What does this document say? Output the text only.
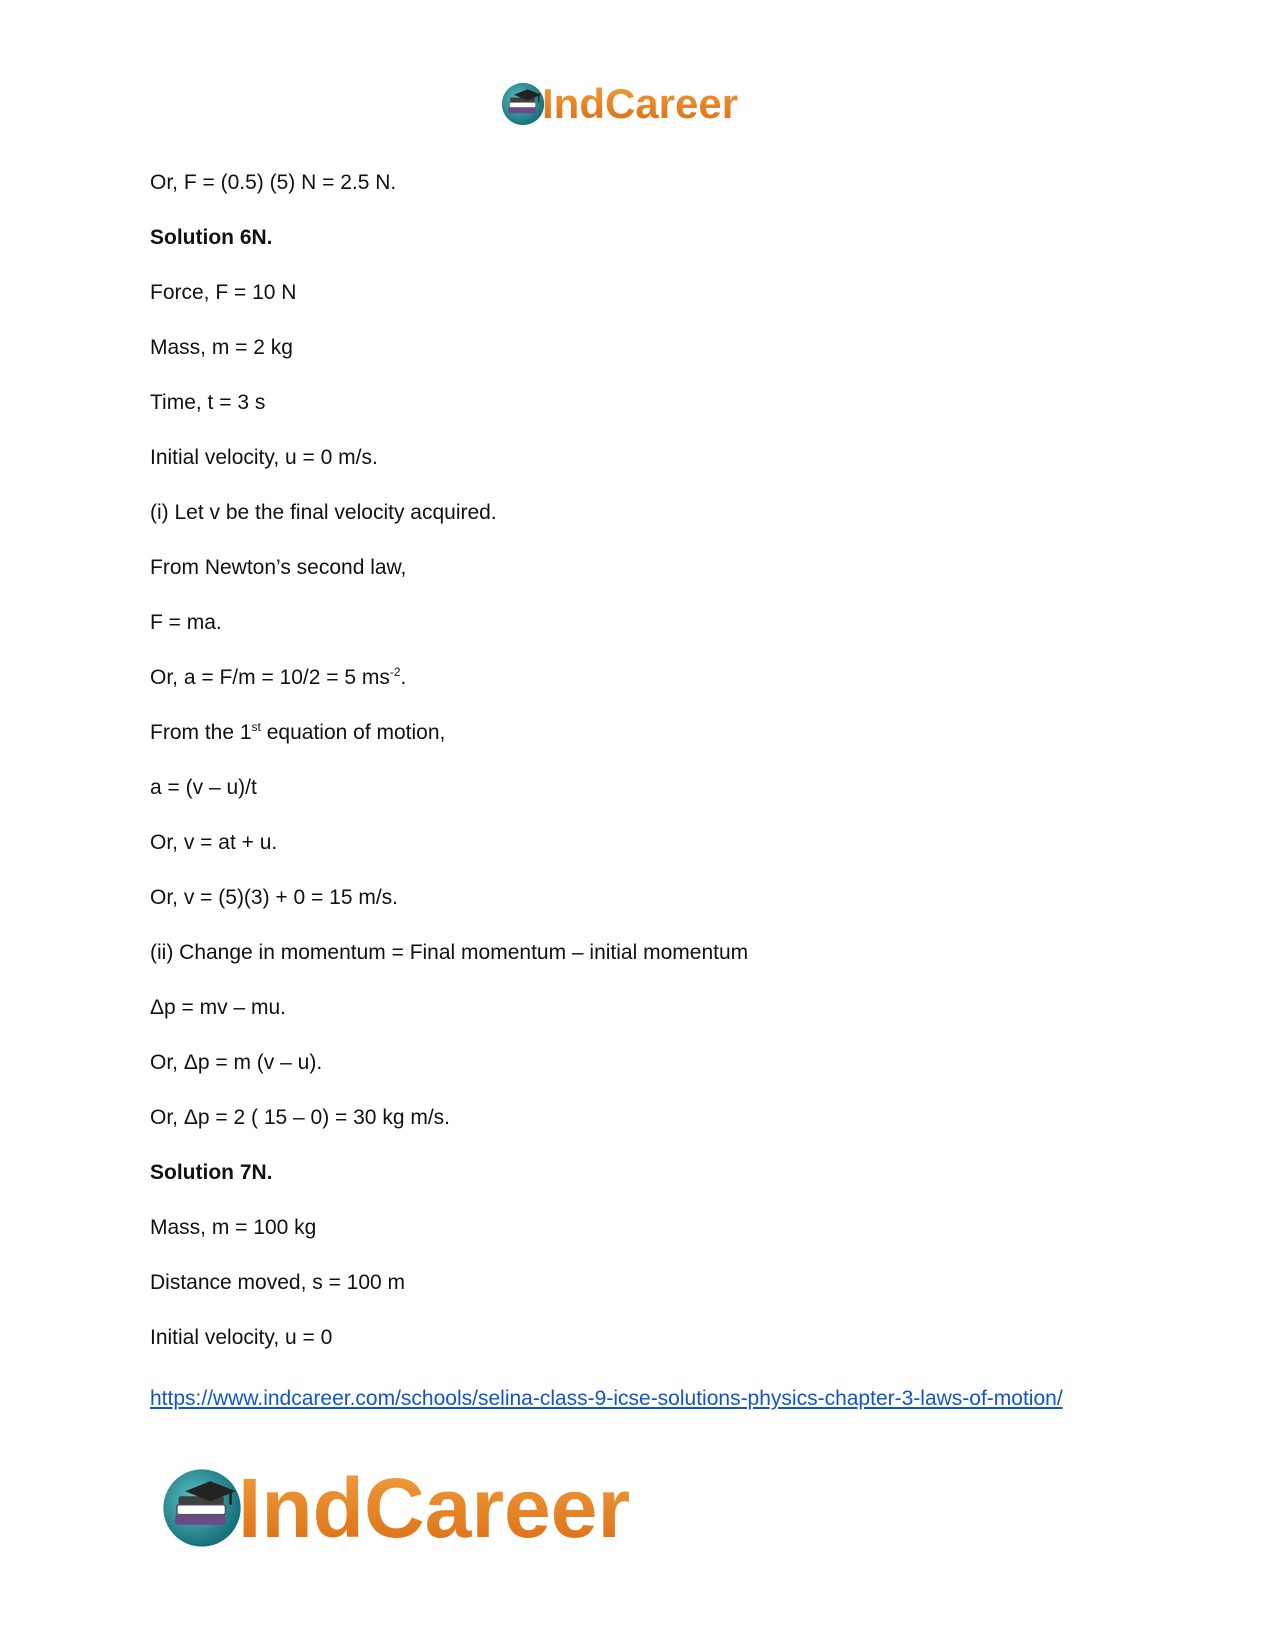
IndCareer
Or, F = (0.5) (5) N = 2.5 N.
Solution 6N.
Force, F = 10 N
Mass, m = 2 kg
Time, t = 3 s
Initial velocity, u = 0 m/s.
(i) Let v be the final velocity acquired.
From Newton’s second law,
F = ma.
Or, a = F/m = 10/2 = 5 $ms^{-2}$.
From the 1st equation of motion,
a = (v – u)/t
Or, v = at + u.
Or, v = (5)(3) + 0 = 15 m/s.
(ii) Change in momentum = Final momentum – initial momentum
Δp = mv – mu.
Or, Δp = m (v – u).
Or, Δp = 2 ( 15 – 0) = 30 kg m/s.
Solution 7N.
Mass, m = 100 kg
Distance moved, s = 100 m
Initial velocity, u = 0
https://www.indcareer.com/schools/selina-class-9-icse-solutions-physics-chapter-3-laws-of-motion/
IndCareer
